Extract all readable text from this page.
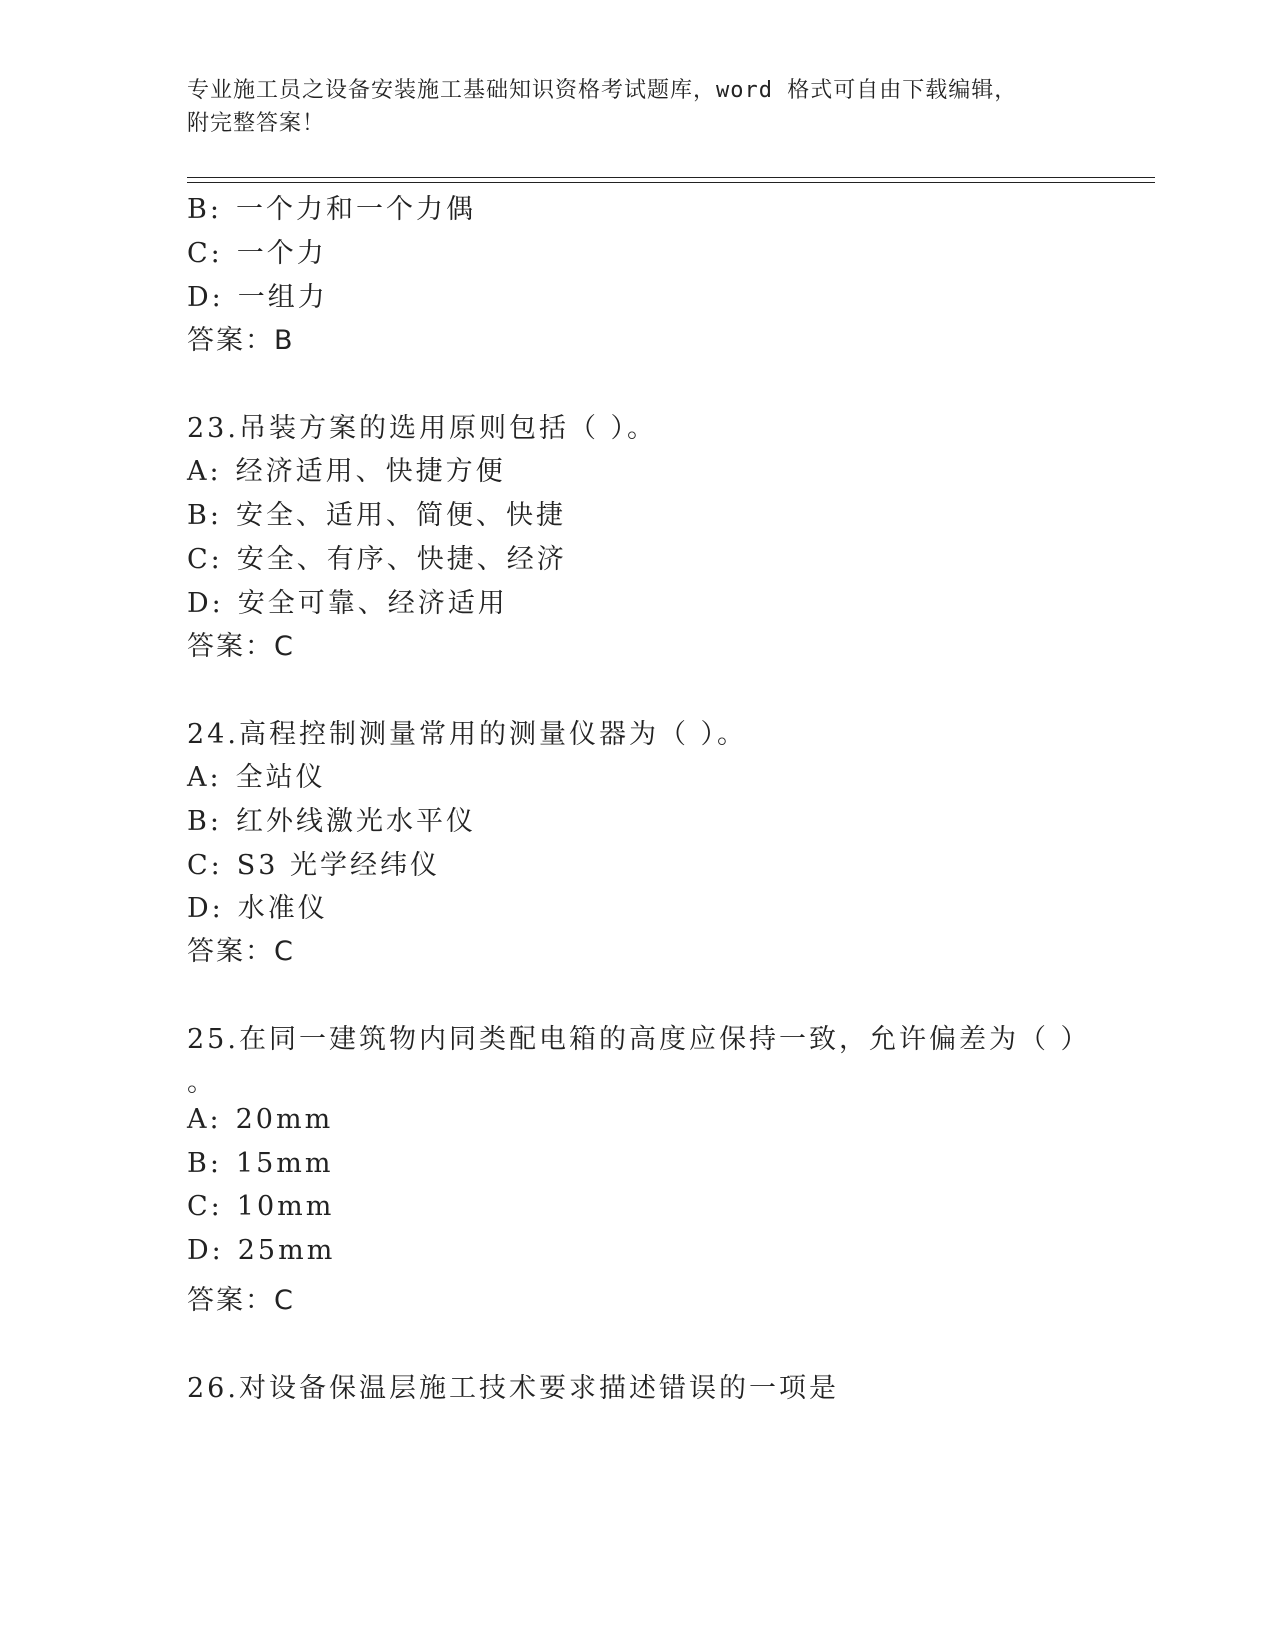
专业施工员之设备安装施工基础知识资格考试题库，word 格式可自由下载编辑，
附完整答案！
B: 一个力和一个力偶
C: 一个力
D: 一组力
答案：B
23.吊装方案的选用原则包括（ ）。
A: 经济适用、快捷方便
B: 安全、适用、简便、快捷
C: 安全、有序、快捷、经济
D: 安全可靠、经济适用
答案：C
24.高程控制测量常用的测量仪器为（ ）。
A: 全站仪
B: 红外线激光水平仪
C: S3 光学经纬仪
D: 水准仪
答案：C
25.在同一建筑物内同类配电箱的高度应保持一致，允许偏差为（ ）
。
A: 20mm
B: 15mm
C: 10mm
D: 25mm
答案：C
26.对设备保温层施工技术要求描述错误的一项是
